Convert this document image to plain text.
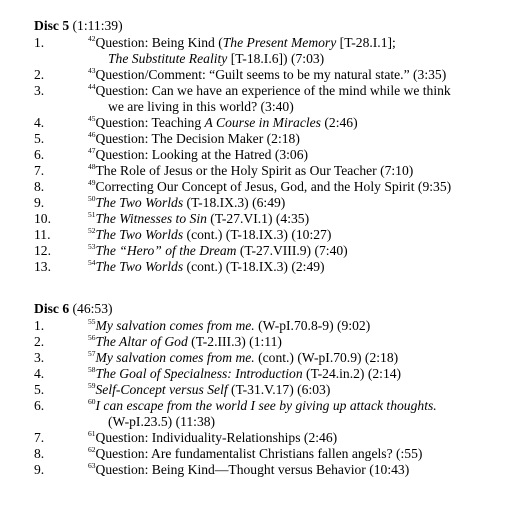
Disc 5 (1:11:39)
1.	$^{42}$Question: Being Kind (The Present Memory [T-28.I.1];
The Substitute Reality [T-18.I.6]) (7:03)
2.	$^{43}$Question/Comment: “Guilt seems to be my natural state.” (3:35)
3.	$^{44}$Question: Can we have an experience of the mind while we think
we are living in this world? (3:40)
4.	$^{45}$Question: Teaching A Course in Miracles (2:46)
5.	$^{46}$Question: The Decision Maker (2:18)
6.	$^{47}$Question: Looking at the Hatred (3:06)
7.	$^{48}$The Role of Jesus or the Holy Spirit as Our Teacher (7:10)
8.	$^{49}$Correcting Our Concept of Jesus, God, and the Holy Spirit (9:35)
9.	$^{50}$The Two Worlds (T-18.IX.3) (6:49)
10.	$^{51}$The Witnesses to Sin (T-27.VI.1) (4:35)
11.	$^{52}$The Two Worlds (cont.) (T-18.IX.3) (10:27)
12.	$^{53}$The “Hero” of the Dream (T-27.VIII.9) (7:40)
13.	$^{54}$The Two Worlds (cont.) (T-18.IX.3) (2:49)
Disc 6 (46:53)
1.	$^{55}$My salvation comes from me. (W-pI.70.8-9) (9:02)
2.	$^{56}$The Altar of God (T-2.III.3) (1:11)
3.	$^{57}$My salvation comes from me. (cont.) (W-pI.70.9) (2:18)
4.	$^{58}$The Goal of Specialness: Introduction (T-24.in.2) (2:14)
5.	$^{59}$Self-Concept versus Self (T-31.V.17) (6:03)
6.	$^{60}$I can escape from the world I see by giving up attack thoughts.
(W-pI.23.5) (11:38)
7.	$^{61}$Question: Individuality-Relationships (2:46)
8.	$^{62}$Question: Are fundamentalist Christians fallen angels? (:55)
9.	$^{63}$Question: Being Kind—Thought versus Behavior (10:43)
